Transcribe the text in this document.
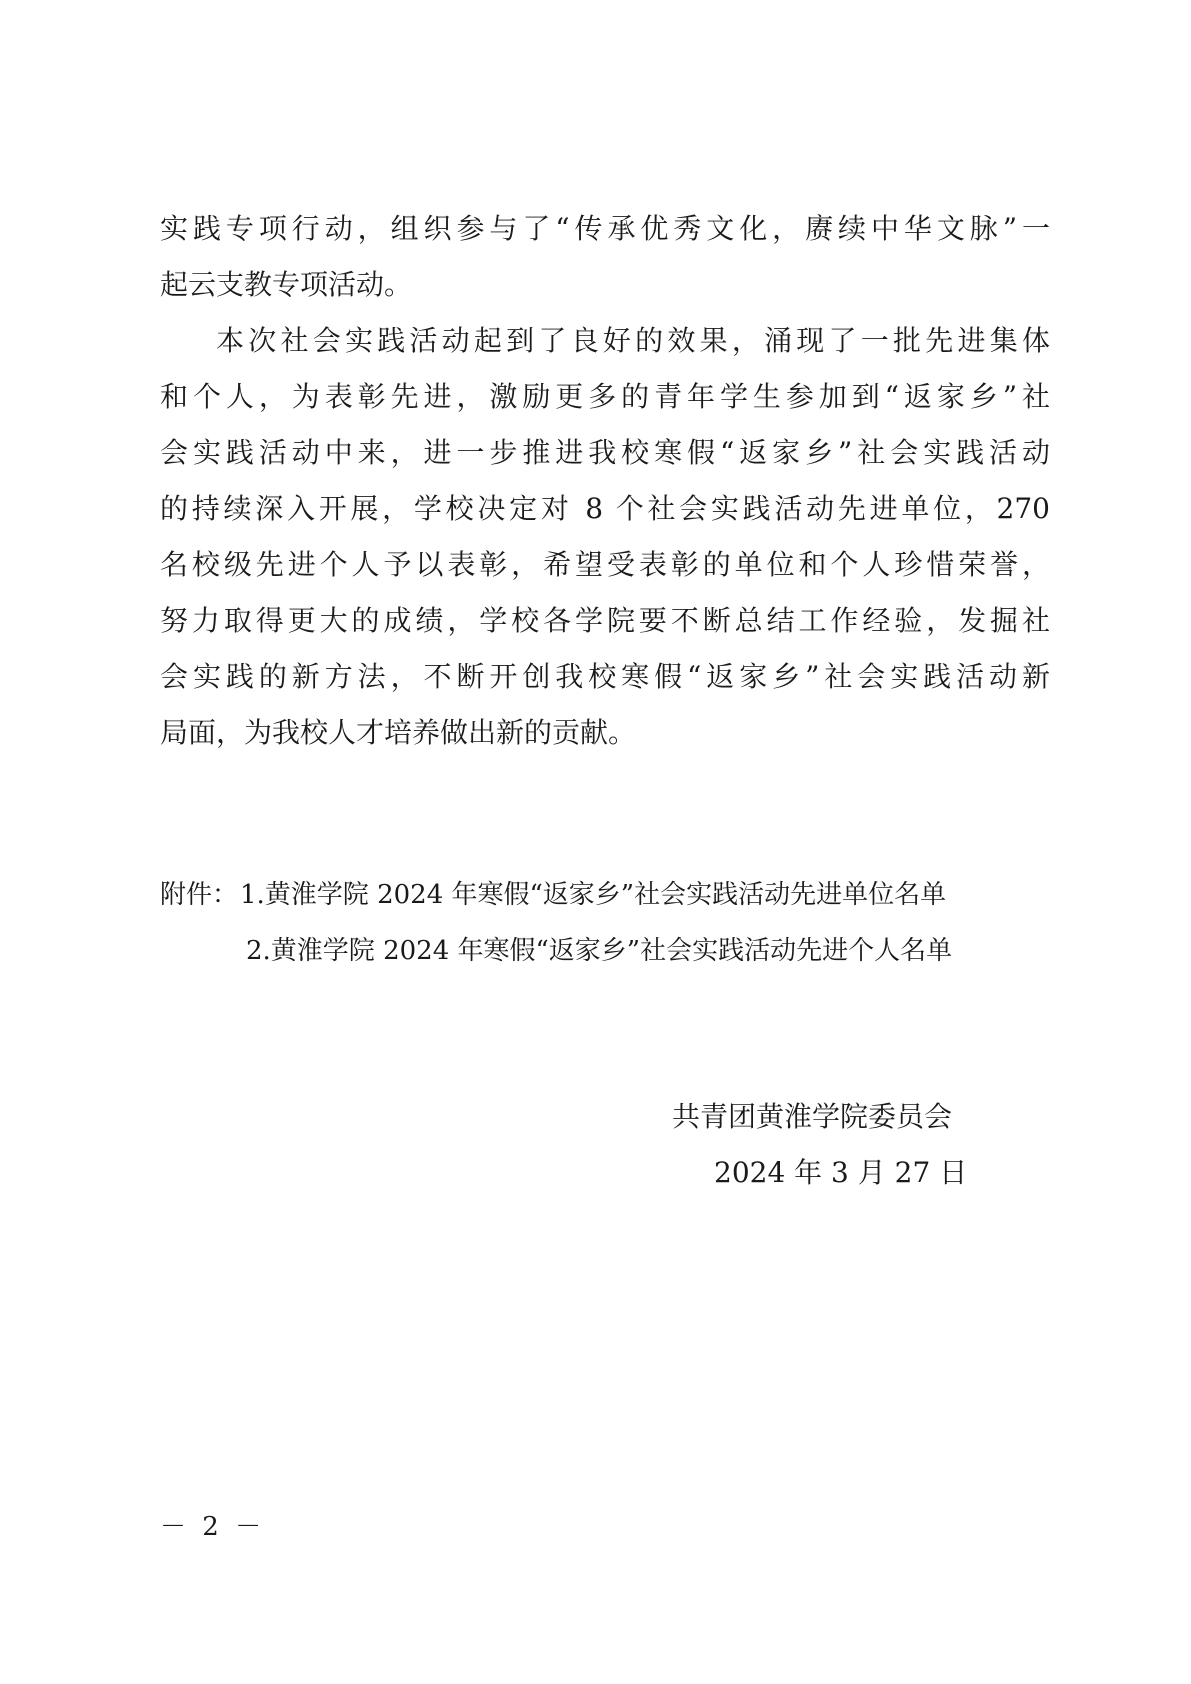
实践专项行动，组织参与了“传承优秀文化，赓续中华文脉”一
起云支教专项活动。
本次社会实践活动起到了良好的效果，涌现了一批先进集体
和个人，为表彰先进，激励更多的青年学生参加到“返家乡”社
会实践活动中来，进一步推进我校寒假“返家乡”社会实践活动
的持续深入开展，学校决定对 8 个社会实践活动先进单位，270
名校级先进个人予以表彰，希望受表彰的单位和个人珍惜荣誉，
努力取得更大的成绩，学校各学院要不断总结工作经验，发掘社
会实践的新方法，不断开创我校寒假“返家乡”社会实践活动新
局面，为我校人才培养做出新的贡献。
附件： 1.黄淮学院 2024 年寒假“返家乡”社会实践活动先进单位名单
2.黄淮学院 2024 年寒假“返家乡”社会实践活动先进个人名单
共青团黄淮学院委员会
2024 年 3 月 27 日
－ 2 －
